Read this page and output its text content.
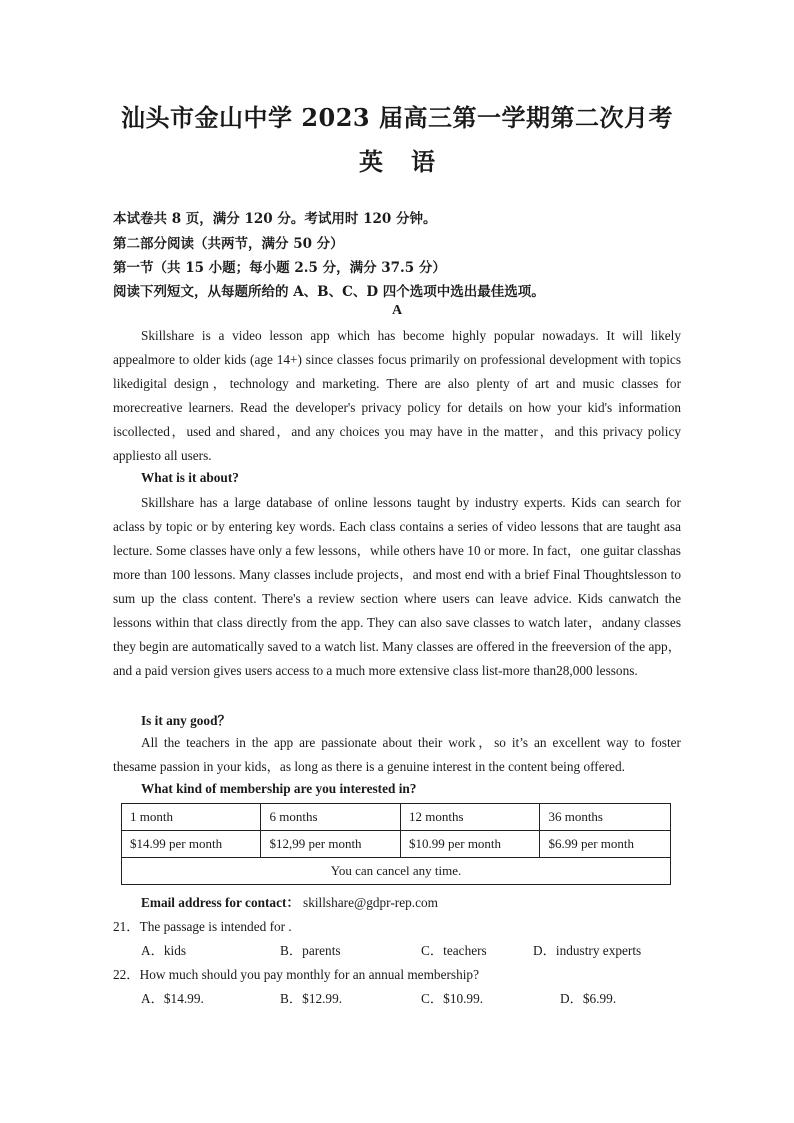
汕头市金山中学 2023 届高三第一学期第二次月考
英语
本试卷共 8 页，满分 120 分。考试用时 120 分钟。
第二部分阅读（共两节，满分 50 分）
第一节（共 15 小题；每小题 2.5 分，满分 37.5 分）
阅读下列短文，从每题所给的 A、B、C、D 四个选项中选出最佳选项。
A

Skillshare is a video lesson app which has become highly popular nowadays. It will likely appealmore to older kids (age 14+) since classes focus primarily on professional development with topics likedigital design，technology and marketing. There are also plenty of art and music classes for morecreative learners. Read the developer's privacy policy for details on how your kid's information iscollected，used and shared，and any choices you may have in the matter，and this privacy policy appliesto all users.

What is it about?

Skillshare has a large database of online lessons taught by industry experts. Kids can search for aclass by topic or by entering key words. Each class contains a series of video lessons that are taught asa lecture. Some classes have only a few lessons，while others have 10 or more. In fact，one guitar classhas more than 100 lessons. Many classes include projects，and most end with a brief Final Thoughtslesson to sum up the class content. There's a review section where users can leave advice. Kids canwatch the lessons within that class directly from the app. They can also save classes to watch later，andany classes they begin are automatically saved to a watch list. Many classes are offered in the freeversion of the app，and a paid version gives users access to a much more extensive class list-more than28,000 lessons.

Is it any good？

All the teachers in the app are passionate about their work，so it’s an excellent way to foster thesame passion in your kids，as long as there is a genuine interest in the content being offered.

What kind of membership are you interested in?
1 month	6 months	12 months	36 months
$14.99 per month	$12,99 per month	$10.99 per month	$6.99 per month
You can cancel any time.			
Email address for contact： skillshare@gdpr-rep.com
21．The passage is intended for .
A．kids	B．parents	C．teachers	D．industry experts
22．How much should you pay monthly for an annual membership?
A．$14.99.	B．$12.99.	C．$10.99.	D．$6.99.
